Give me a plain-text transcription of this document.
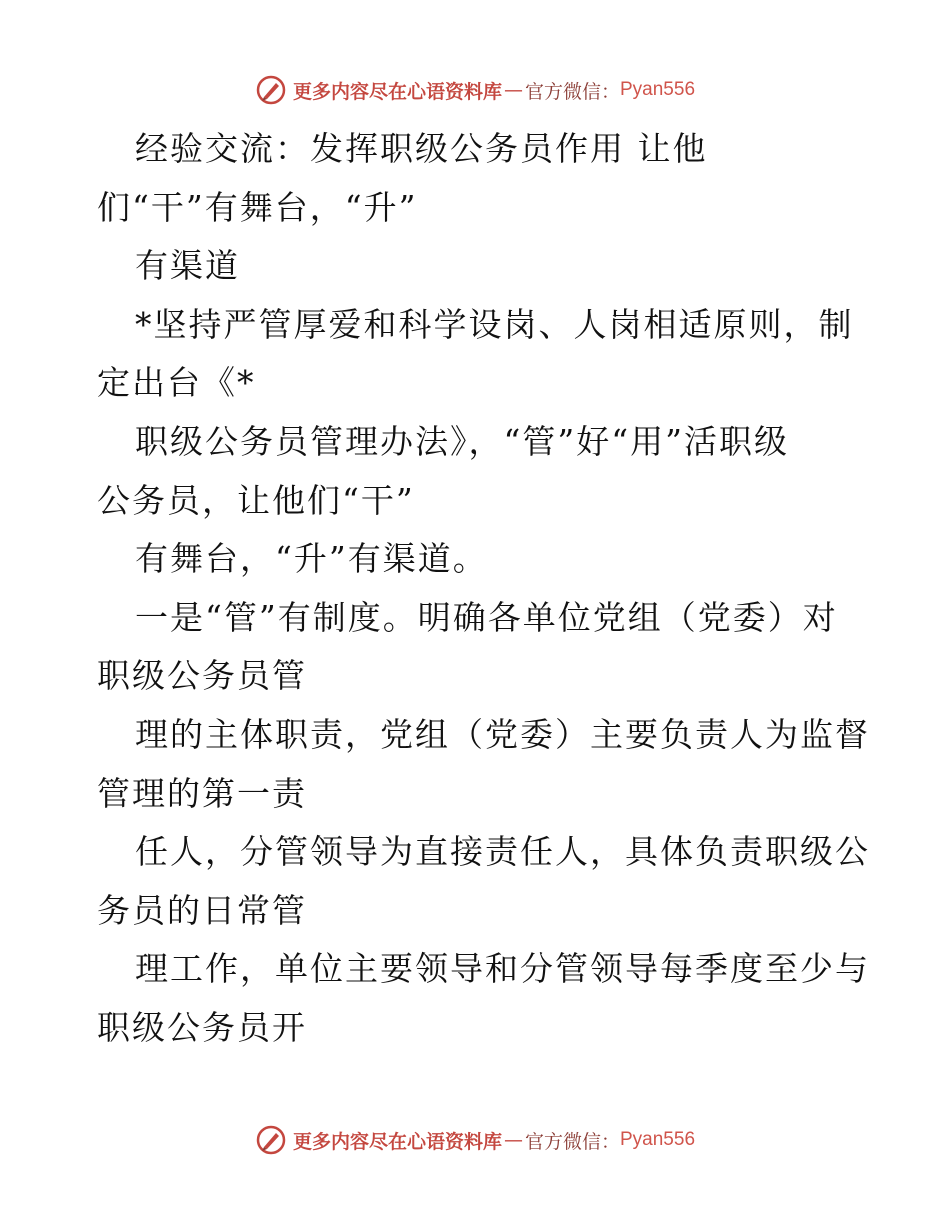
更多内容尽在心语资料库 — 官方微信： Pyan556
经验交流：发挥职级公务员作用 让他
们“干”有舞台，“升”
有渠道
*坚持严管厚爱和科学设岗、人岗相适原则，制
定出台《*
职级公务员管理办法》，“管”好“用”活职级
公务员，让他们“干”
有舞台，“升”有渠道。
一是“管”有制度。明确各单位党组（党委）对
职级公务员管
理的主体职责，党组（党委）主要负责人为监督
管理的第一责
任人，分管领导为直接责任人，具体负责职级公
务员的日常管
理工作，单位主要领导和分管领导每季度至少与
职级公务员开
更多内容尽在心语资料库 — 官方微信： Pyan556
